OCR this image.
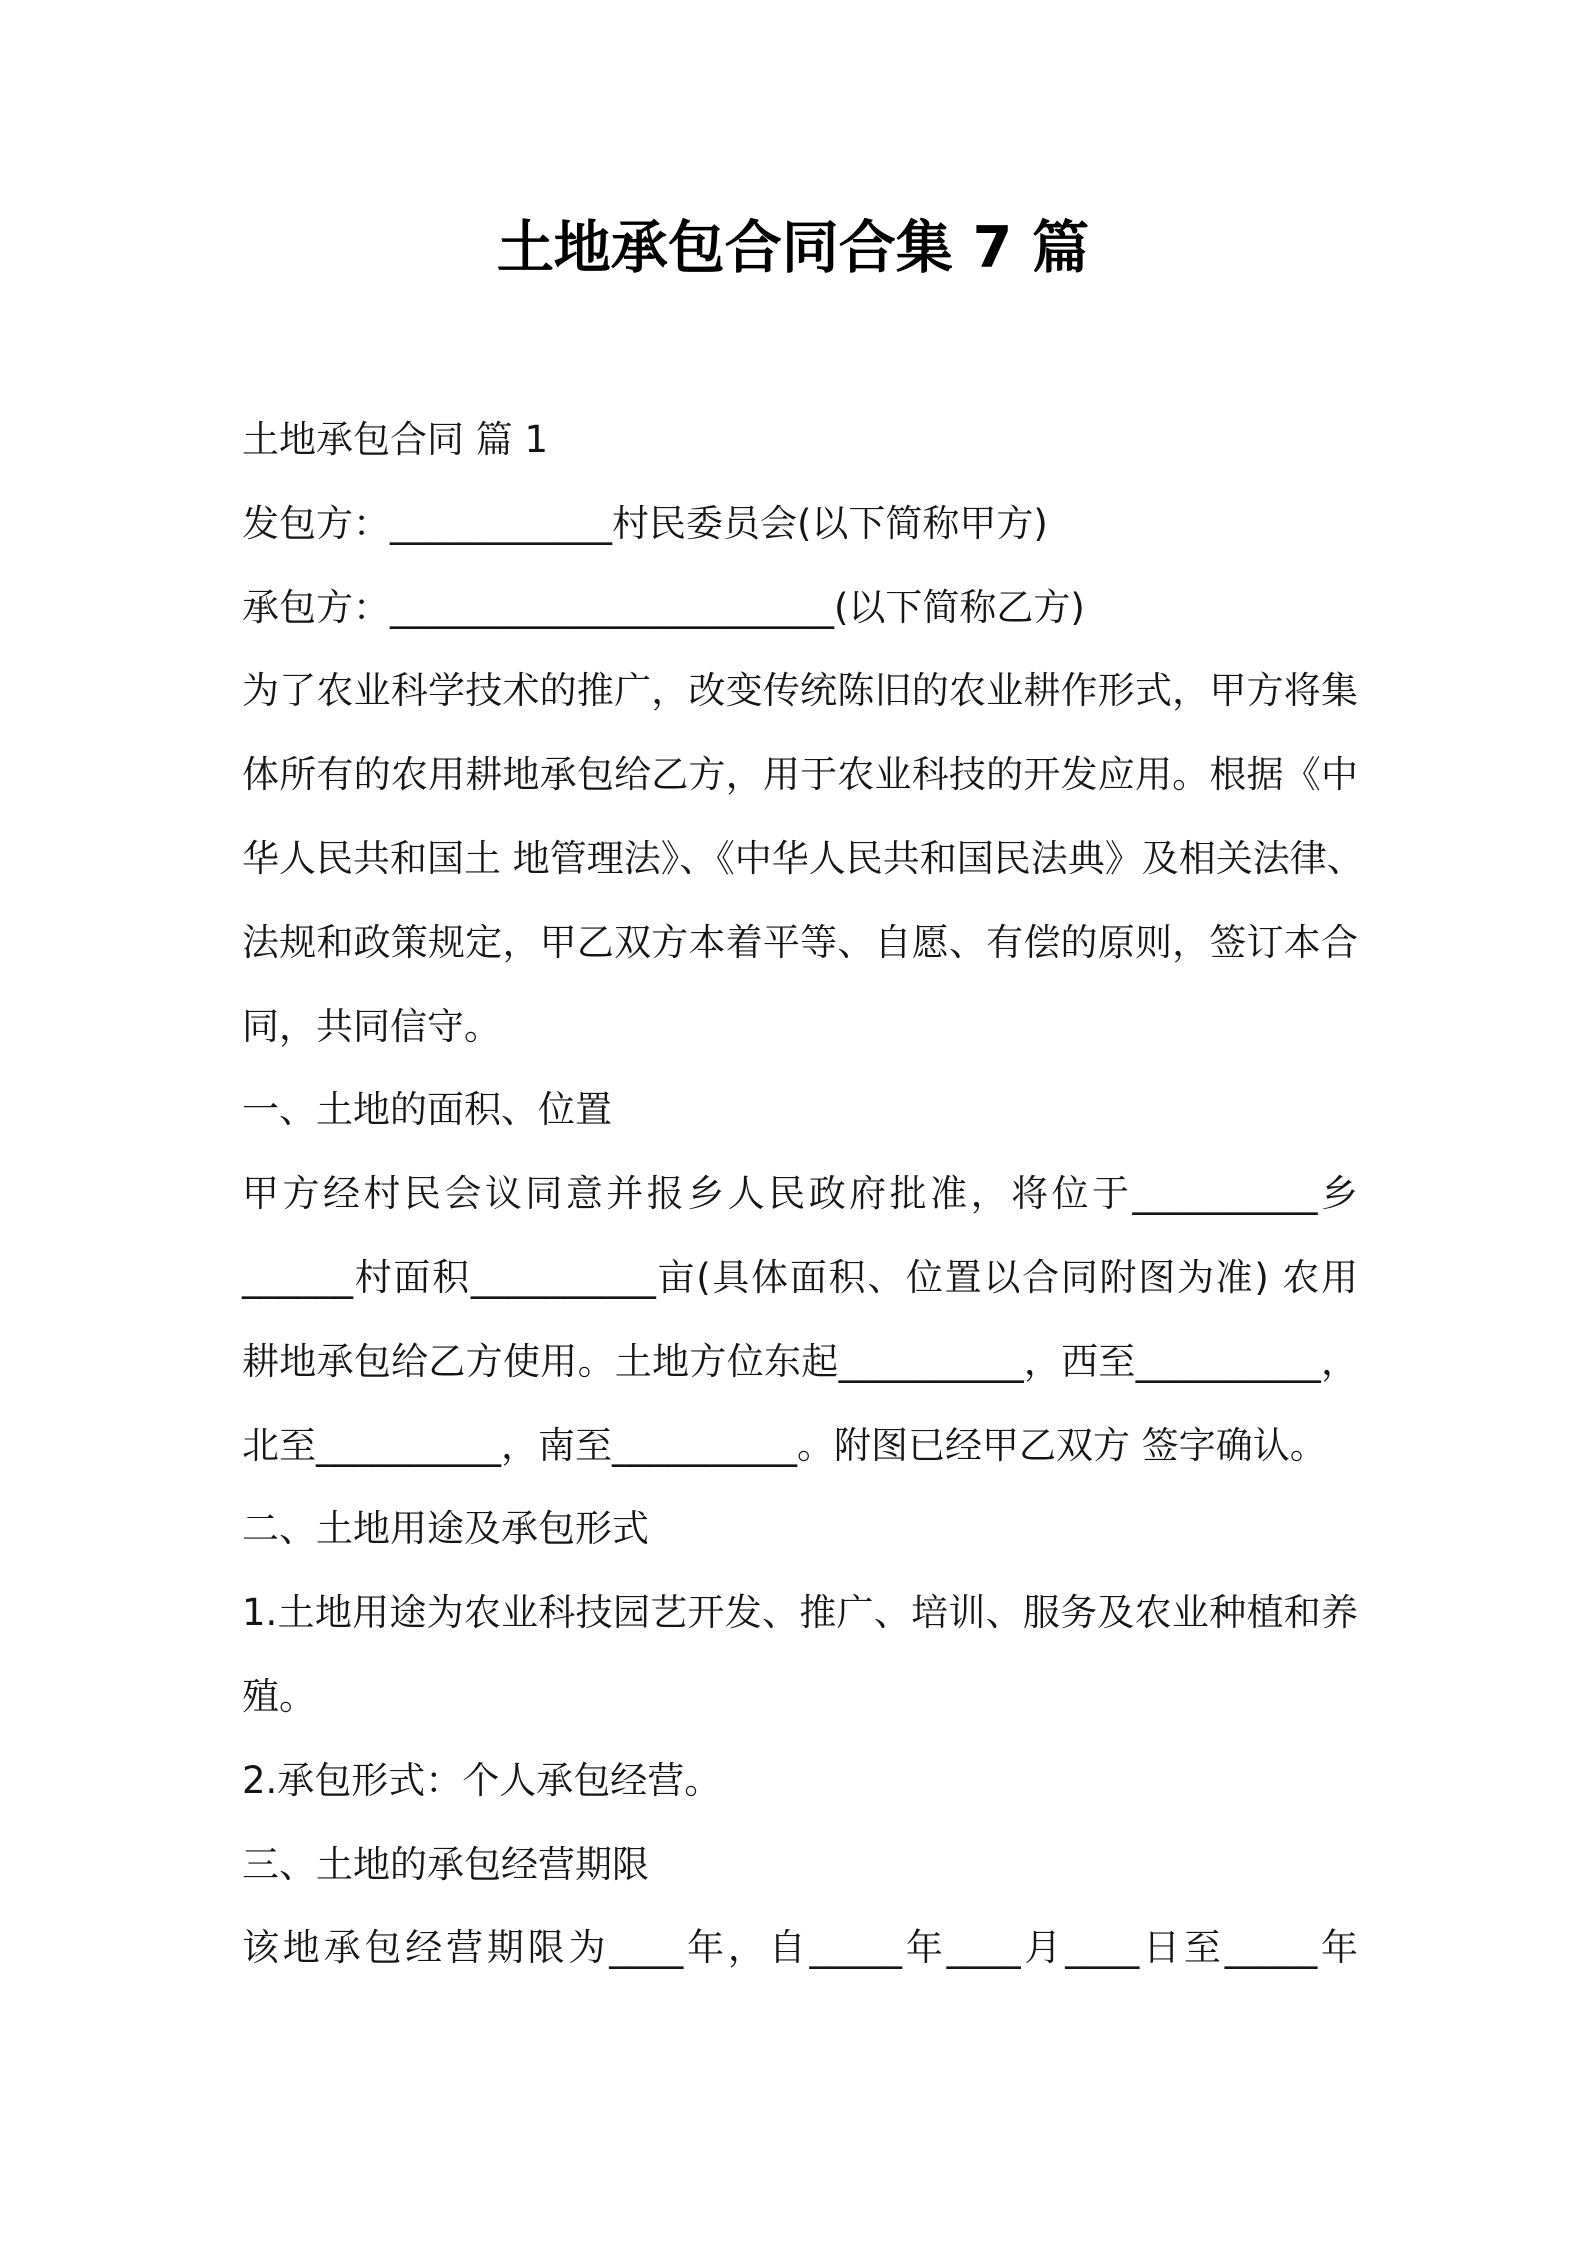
土地承包合同合集 7 篇
土地承包合同 篇 1
发包方：____________村民委员会(以下简称甲方)
承包方：________________________(以下简称乙方)
为了农业科学技术的推广，改变传统陈旧的农业耕作形式，甲方将集
体所有的农用耕地承包给乙方，用于农业科技的开发应用。根据《中
华人民共和国土 地管理法》、《中华人民共和国民法典》及相关法律、
法规和政策规定，甲乙双方本着平等、自愿、有偿的原则，签订本合
同，共同信守。
一、土地的面积、位置
甲方经村民会议同意并报乡人民政府批准，将位于__________乡
______村面积__________亩(具体面积、位置以合同附图为准) 农用
耕地承包给乙方使用。土地方位东起__________，西至__________，
北至__________，南至__________。附图已经甲乙双方 签字确认。
二、土地用途及承包形式
1.土地用途为农业科技园艺开发、推广、培训、服务及农业种植和养
殖。
2.承包形式：个人承包经营。
三、土地的承包经营期限
该地承包经营期限为____年，自_____年____月____日至_____年
